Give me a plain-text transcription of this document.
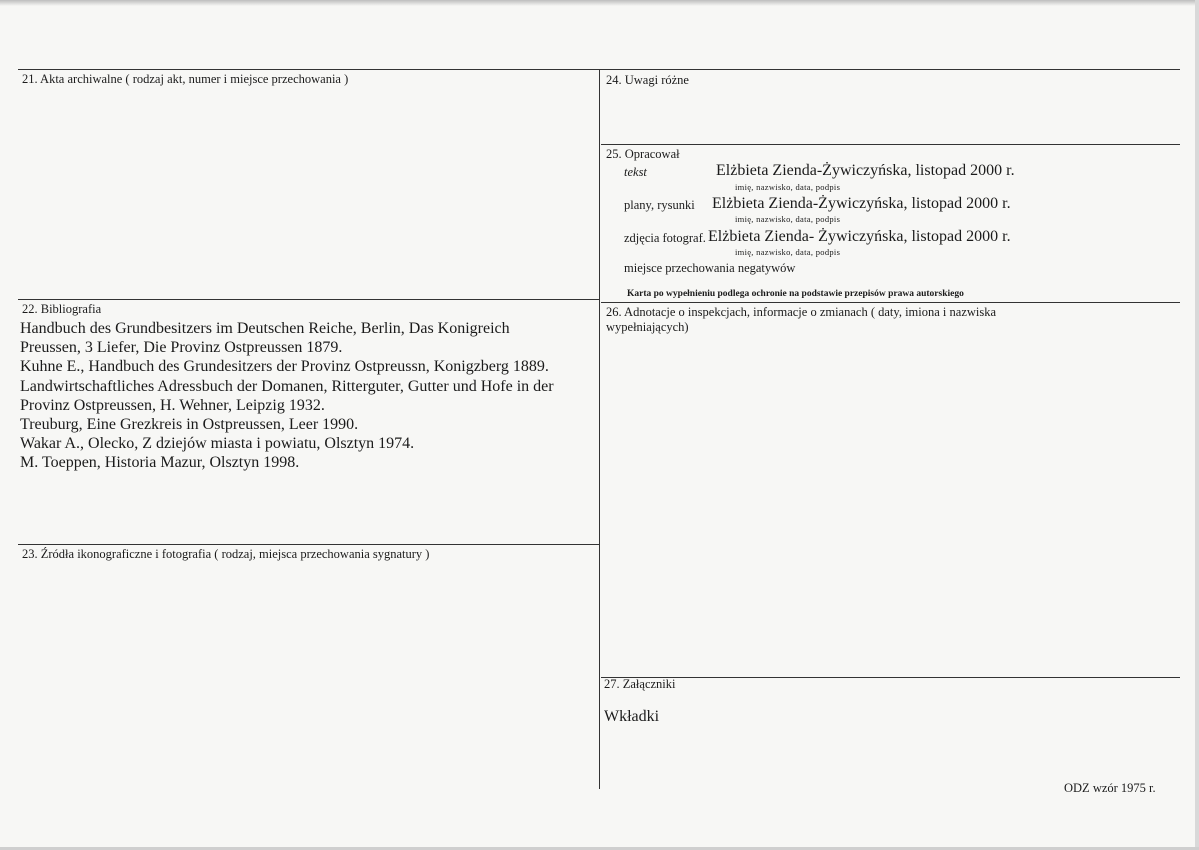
21. Akta archiwalne ( rodzaj akt, numer i miejsce przechowania )
22. Bibliografia
Handbuch des Grundbesitzers im Deutschen Reiche, Berlin, Das Konigreich
Preussen, 3 Liefer, Die Provinz Ostpreussen 1879.
Kuhne E., Handbuch des Grundesitzers der Provinz Ostpreussn, Konigzberg 1889.
Landwirtschaftliches Adressbuch der Domanen, Ritterguter, Gutter und Hofe in der
Provinz Ostpreussen, H. Wehner, Leipzig 1932.
Treuburg, Eine Grezkreis in Ostpreussen, Leer 1990.
Wakar A., Olecko, Z dziejów miasta i powiatu, Olsztyn 1974.
M. Toeppen, Historia Mazur, Olsztyn 1998.
23. Źródła ikonograficzne i fotografia ( rodzaj, miejsca przechowania sygnatury )
24. Uwagi różne
25. Opracował
tekst	Elżbieta Zienda-Żywiczyńska, listopad 2000 r.
imię, nazwisko, data, podpis
plany, rysunki Elżbieta Zienda-Żywiczyńska, listopad 2000 r.
imię, nazwisko, data, podpis
zdjęcia fotograf. Elżbieta Zienda- Żywiczyńska, listopad 2000 r.
imię, nazwisko, data, podpis
miejsce przechowania negatywów
Karta po wypełnieniu podlega ochronie na podstawie przepisów prawa autorskiego
26. Adnotacje o inspekcjach, informacje o zmianach ( daty, imiona i nazwiska
wypełniających)
27. Załączniki
Wkładki
ODZ wzór 1975 r.
